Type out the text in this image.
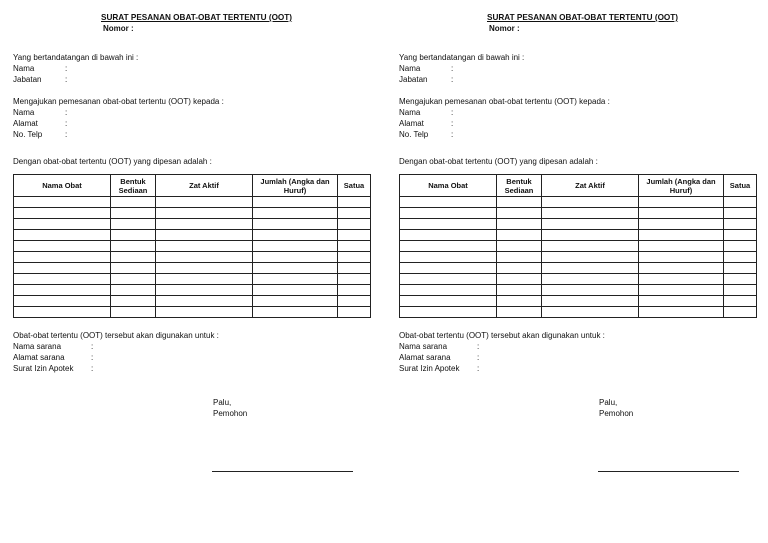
SURAT PESANAN OBAT-OBAT TERTENTU (OOT)
Nomor :
Yang bertandatangan di bawah ini :
Nama	:
Jabatan	:
Mengajukan pemesanan obat-obat tertentu (OOT) kepada :
Nama	:
Alamat	:
No. Telp	:
Dengan obat-obat tertentu (OOT) yang dipesan adalah :
Nama Obat	Bentuk Sediaan	Zat Aktif	Jumlah (Angka dan Huruf)	Satua

Obat-obat tertentu (OOT) tersebut akan digunakan untuk :
Nama sarana	:
Alamat sarana	:
Surat Izin Apotek :
Palu,
Pemohon
SURAT PESANAN OBAT-OBAT TERTENTU (OOT)
Nomor :
Yang bertandatangan di bawah ini :
Nama	:
Jabatan	:
Mengajukan pemesanan obat-obat tertentu (OOT) kepada :
Nama	:
Alamat	:
No. Telp	:
Dengan obat-obat tertentu (OOT) yang dipesan adalah :
Nama Obat	Bentuk Sediaan	Zat Aktif	Jumlah (Angka dan Huruf)	Satua

Obat-obat tertentu (OOT) tersebut akan digunakan untuk :
Nama sarana	:
Alamat sarana	:
Surat Izin Apotek :
Palu,
Pemohon
